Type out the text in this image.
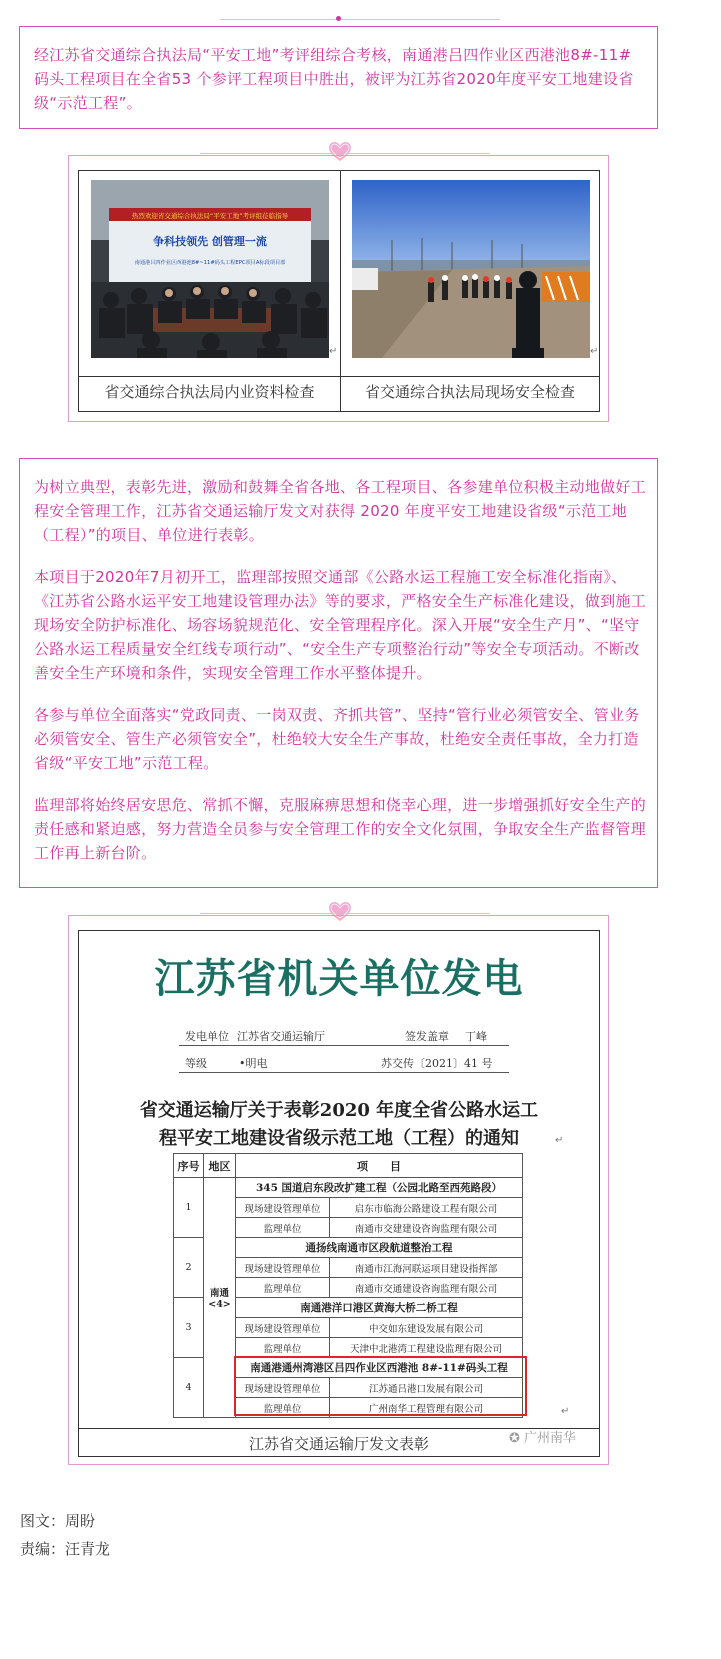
经江苏省交通综合执法局“平安工地”考评组综合考核，南通港吕四作业区西港池8#-11#码头工程项目在全省53 个参评工程项目中胜出，被评为江苏省2020年度平安工地建设省级“示范工程”。
热烈欢迎省交通综合执法局“平安工地”考评组莅临指导
争科技领先 创管理一流
南通港吕四作业区西港池8#~11#码头工程EPC项目A标段项目部
↵	↵
省交通综合执法局内业资料检查	省交通综合执法局现场安全检查

为树立典型，表彰先进，激励和鼓舞全省各地、各工程项目、各参建单位积极主动地做好工程安全管理工作，江苏省交通运输厅发文对获得 2020 年度平安工地建设省级“示范工地（工程）”的项目、单位进行表彰。

本项目于2020年7月初开工，监理部按照交通部《公路水运工程施工安全标准化指南》、《江苏省公路水运平安工地建设管理办法》等的要求，严格安全生产标准化建设，做到施工现场安全防护标准化、场容场貌规范化、安全管理程序化。深入开展“安全生产月”、“坚守公路水运工程质量安全红线专项行动”、“安全生产专项整治行动”等安全专项活动。不断改善安全生产环境和条件，实现安全管理工作水平整体提升。

各参与单位全面落实“党政同责、一岗双责、齐抓共管”、坚持“管行业必须管安全、管业务必须管安全、管生产必须管安全”，杜绝较大安全生产事故，杜绝安全责任事故，全力打造省级“平安工地”示范工程。

监理部将始终居安思危、常抓不懈，克服麻痹思想和侥幸心理，进一步增强抓好安全生产的责任感和紧迫感，努力营造全员参与安全管理工作的安全文化氛围，争取安全生产监督管理工作再上新台阶。

江苏省机关单位发电
发电单位 江苏省交通运输厅	签发盖章 丁峰
等级	•明电	苏交传〔2021〕41 号
省交通运输厅关于表彰2020 年度全省公路水运工
程平安工地建设省级示范工地（工程）的通知	↵
序号	地区	项　　目	
1	南通
<4>	345 国道启东段改扩建工程（公园北路至西苑路段）	
		现场建设管理单位	启东市临海公路建设工程有限公司
		监理单位	南通市交建建设咨询监理有限公司
2		通扬线南通市区段航道整治工程	
		现场建设管理单位	南通市江海河联运项目建设指挥部
		监理单位	南通市交通建设咨询监理有限公司
3		南通港洋口港区黄海大桥二桥工程	
		现场建设管理单位	中交如东建设发展有限公司
		监理单位	天津中北港湾工程建设监理有限公司
4		南通港通州湾港区吕四作业区西港池 8#-11#码头工程	
		现场建设管理单位	江苏通吕港口发展有限公司
		监理单位	广州南华工程管理有限公司	↵
江苏省交通运输厅发文表彰	✪ 广州南华
图文：周盼
责编：汪青龙
